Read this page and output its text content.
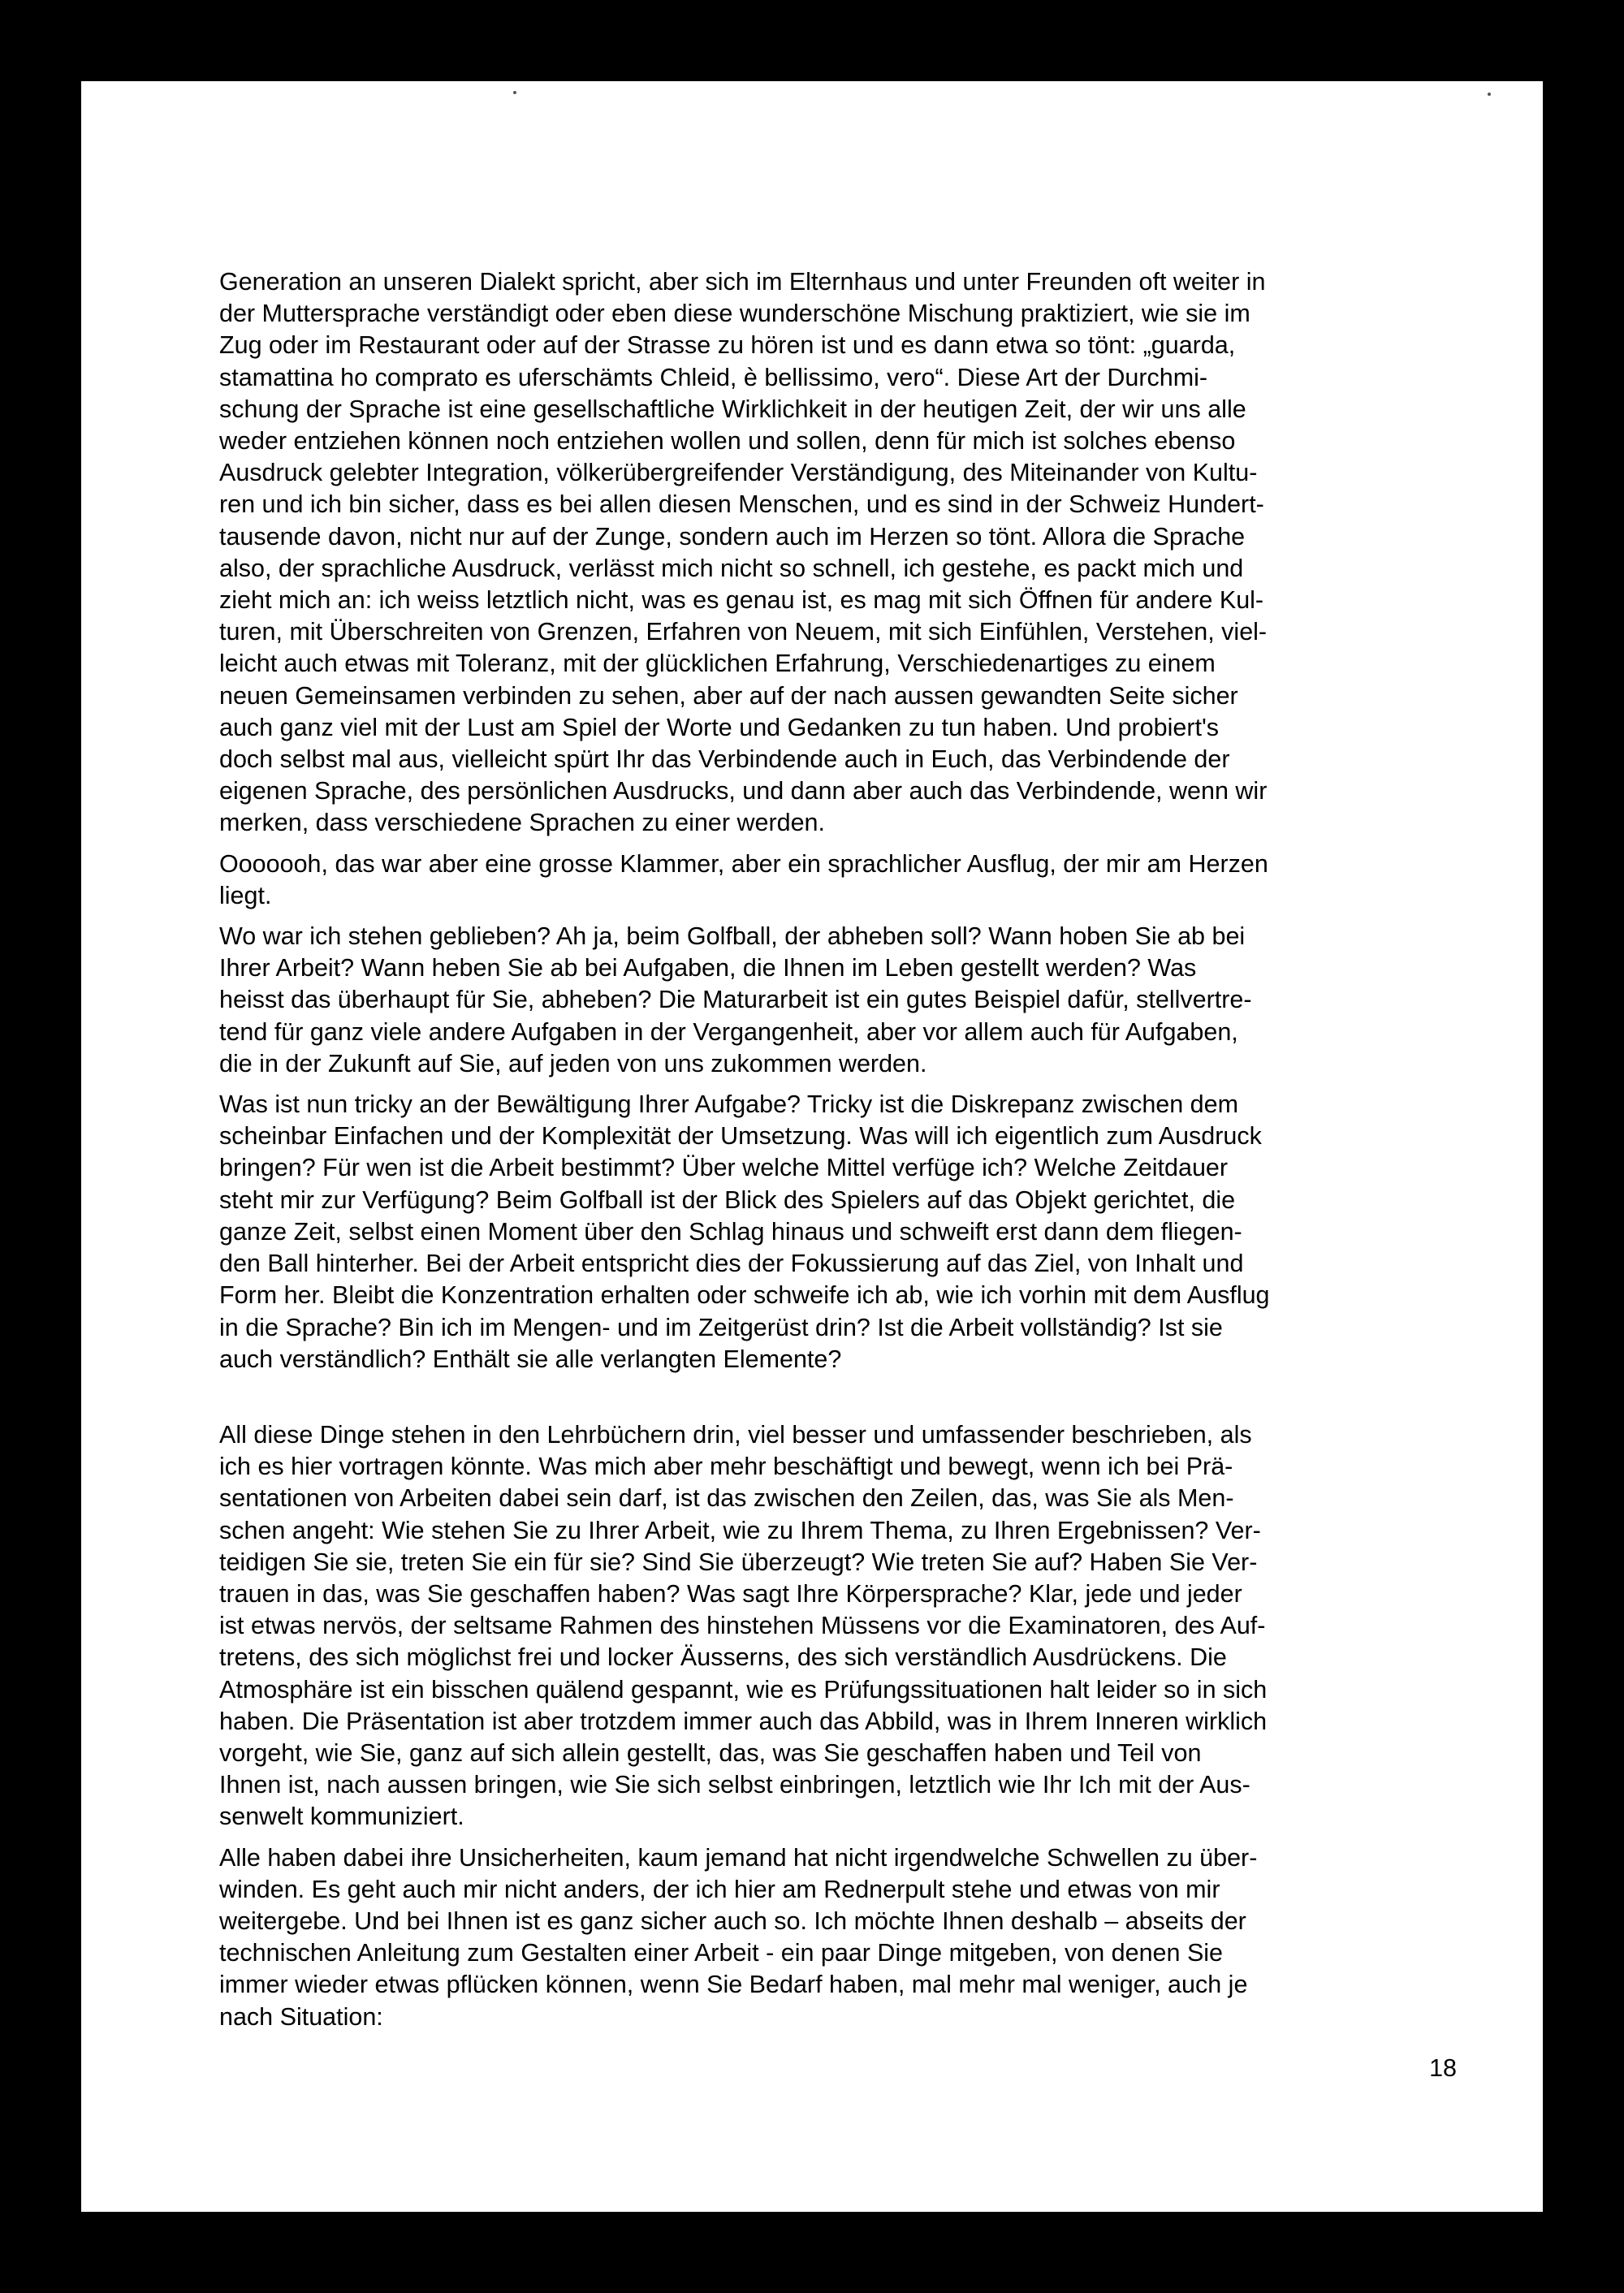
Generation an unseren Dialekt spricht, aber sich im Elternhaus und unter Freunden oft weiter in
der Muttersprache verständigt oder eben diese wunderschöne Mischung praktiziert, wie sie im
Zug oder im Restaurant oder auf der Strasse zu hören ist und es dann etwa so tönt: „guarda,
stamattina ho comprato es uferschämts Chleid, è bellissimo, vero“. Diese Art der Durchmi-
schung der Sprache ist eine gesellschaftliche Wirklichkeit in der heutigen Zeit, der wir uns alle
weder entziehen können noch entziehen wollen und sollen, denn für mich ist solches ebenso
Ausdruck gelebter Integration, völkerübergreifender Verständigung, des Miteinander von Kultu-
ren und ich bin sicher, dass es bei allen diesen Menschen, und es sind in der Schweiz Hundert-
tausende davon, nicht nur auf der Zunge, sondern auch im Herzen so tönt. Allora die Sprache
also, der sprachliche Ausdruck, verlässt mich nicht so schnell, ich gestehe, es packt mich und
zieht mich an: ich weiss letztlich nicht, was es genau ist, es mag mit sich Öffnen für andere Kul-
turen, mit Überschreiten von Grenzen, Erfahren von Neuem, mit sich Einfühlen, Verstehen, viel-
leicht auch etwas mit Toleranz, mit der glücklichen Erfahrung, Verschiedenartiges zu einem
neuen Gemeinsamen verbinden zu sehen, aber auf der nach aussen gewandten Seite sicher
auch ganz viel mit der Lust am Spiel der Worte und Gedanken zu tun haben. Und probiert's
doch selbst mal aus, vielleicht spürt Ihr das Verbindende auch in Euch, das Verbindende der
eigenen Sprache, des persönlichen Ausdrucks, und dann aber auch das Verbindende, wenn wir
merken, dass verschiedene Sprachen zu einer werden.
Ooooooh, das war aber eine grosse Klammer, aber ein sprachlicher Ausflug, der mir am Herzen
liegt.
Wo war ich stehen geblieben? Ah ja, beim Golfball, der abheben soll? Wann hoben Sie ab bei
Ihrer Arbeit? Wann heben Sie ab bei Aufgaben, die Ihnen im Leben gestellt werden? Was
heisst das überhaupt für Sie, abheben? Die Maturarbeit ist ein gutes Beispiel dafür, stellvertre-
tend für ganz viele andere Aufgaben in der Vergangenheit, aber vor allem auch für Aufgaben,
die in der Zukunft auf Sie, auf jeden von uns zukommen werden.
Was ist nun tricky an der Bewältigung Ihrer Aufgabe? Tricky ist die Diskrepanz zwischen dem
scheinbar Einfachen und der Komplexität der Umsetzung. Was will ich eigentlich zum Ausdruck
bringen? Für wen ist die Arbeit bestimmt? Über welche Mittel verfüge ich? Welche Zeitdauer
steht mir zur Verfügung? Beim Golfball ist der Blick des Spielers auf das Objekt gerichtet, die
ganze Zeit, selbst einen Moment über den Schlag hinaus und schweift erst dann dem fliegen-
den Ball hinterher. Bei der Arbeit entspricht dies der Fokussierung auf das Ziel, von Inhalt und
Form her. Bleibt die Konzentration erhalten oder schweife ich ab, wie ich vorhin mit dem Ausflug
in die Sprache? Bin ich im Mengen- und im Zeitgerüst drin? Ist die Arbeit vollständig? Ist sie
auch verständlich? Enthält sie alle verlangten Elemente?
All diese Dinge stehen in den Lehrbüchern drin, viel besser und umfassender beschrieben, als
ich es hier vortragen könnte. Was mich aber mehr beschäftigt und bewegt, wenn ich bei Prä-
sentationen von Arbeiten dabei sein darf, ist das zwischen den Zeilen, das, was Sie als Men-
schen angeht: Wie stehen Sie zu Ihrer Arbeit, wie zu Ihrem Thema, zu Ihren Ergebnissen? Ver-
teidigen Sie sie, treten Sie ein für sie? Sind Sie überzeugt? Wie treten Sie auf? Haben Sie Ver-
trauen in das, was Sie geschaffen haben? Was sagt Ihre Körpersprache? Klar, jede und jeder
ist etwas nervös, der seltsame Rahmen des hinstehen Müssens vor die Examinatoren, des Auf-
tretens, des sich möglichst frei und locker Äusserns, des sich verständlich Ausdrückens. Die
Atmosphäre ist ein bisschen quälend gespannt, wie es Prüfungssituationen halt leider so in sich
haben. Die Präsentation ist aber trotzdem immer auch das Abbild, was in Ihrem Inneren wirklich
vorgeht, wie Sie, ganz auf sich allein gestellt, das, was Sie geschaffen haben und Teil von
Ihnen ist, nach aussen bringen, wie Sie sich selbst einbringen, letztlich wie Ihr Ich mit der Aus-
senwelt kommuniziert.
Alle haben dabei ihre Unsicherheiten, kaum jemand hat nicht irgendwelche Schwellen zu über-
winden. Es geht auch mir nicht anders, der ich hier am Rednerpult stehe und etwas von mir
weitergebe. Und bei Ihnen ist es ganz sicher auch so. Ich möchte Ihnen deshalb – abseits der
technischen Anleitung zum Gestalten einer Arbeit - ein paar Dinge mitgeben, von denen Sie
immer wieder etwas pflücken können, wenn Sie Bedarf haben, mal mehr mal weniger, auch je
nach Situation:
18
